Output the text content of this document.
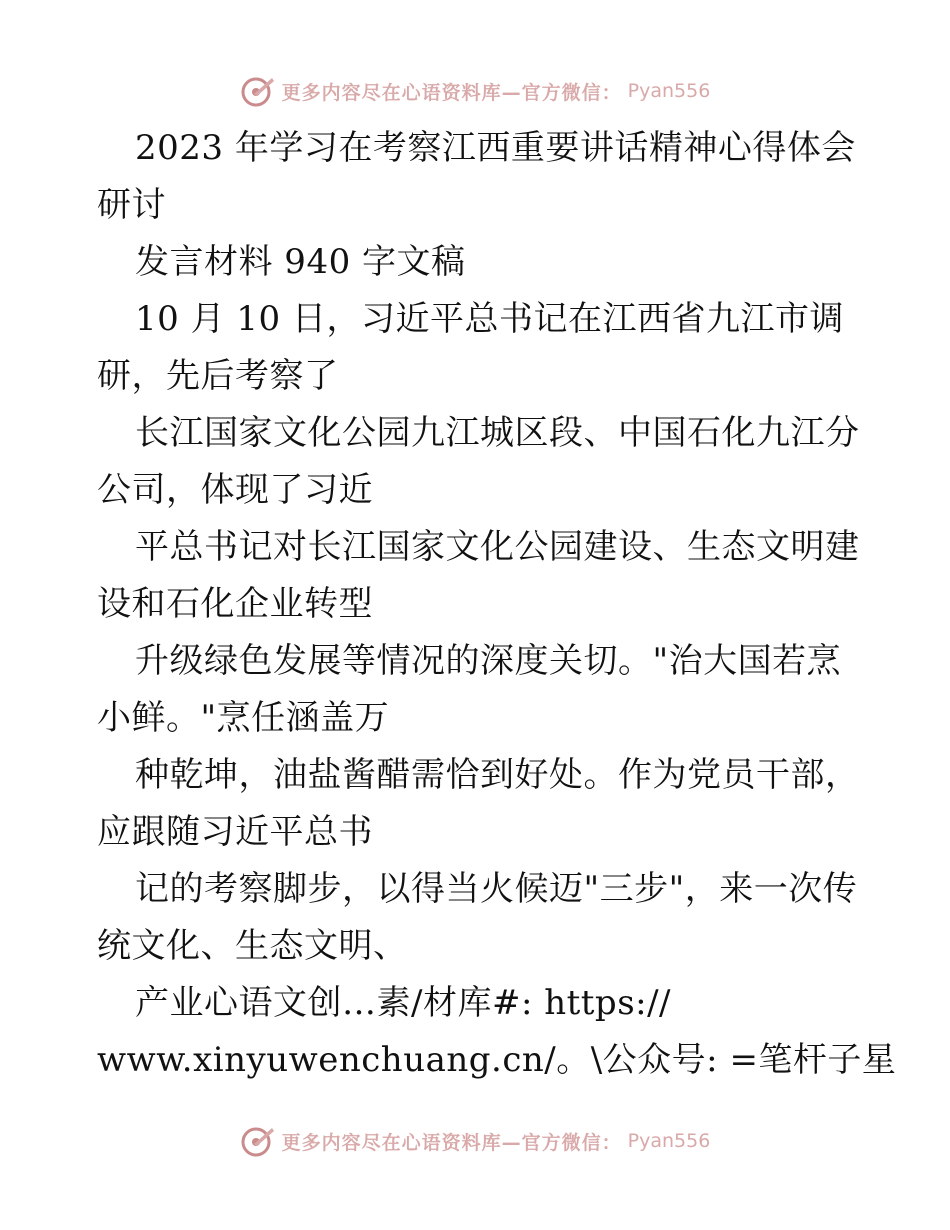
更多内容尽在心语资料库—官方微信： Pyan556
2023 年学习在考察江西重要讲话精神心得体会
研讨
发言材料 940 字文稿
10 月 10 日，习近平总书记在江西省九江市调
研，先后考察了
长江国家文化公园九江城区段、中国石化九江分
公司，体现了习近
平总书记对长江国家文化公园建设、生态文明建
设和石化企业转型
升级绿色发展等情况的深度关切。"治大国若烹
小鲜。"烹任涵盖万
种乾坤，油盐酱醋需恰到好处。作为党员干部，
应跟随习近平总书
记的考察脚步，以得当火候迈"三步"，来一次传
统文化、生态文明、
产业心语文创…素/材库#: https://
www.xinyuwenchuang.cn/。\公众号: =笔杆子星
更多内容尽在心语资料库—官方微信： Pyan556
